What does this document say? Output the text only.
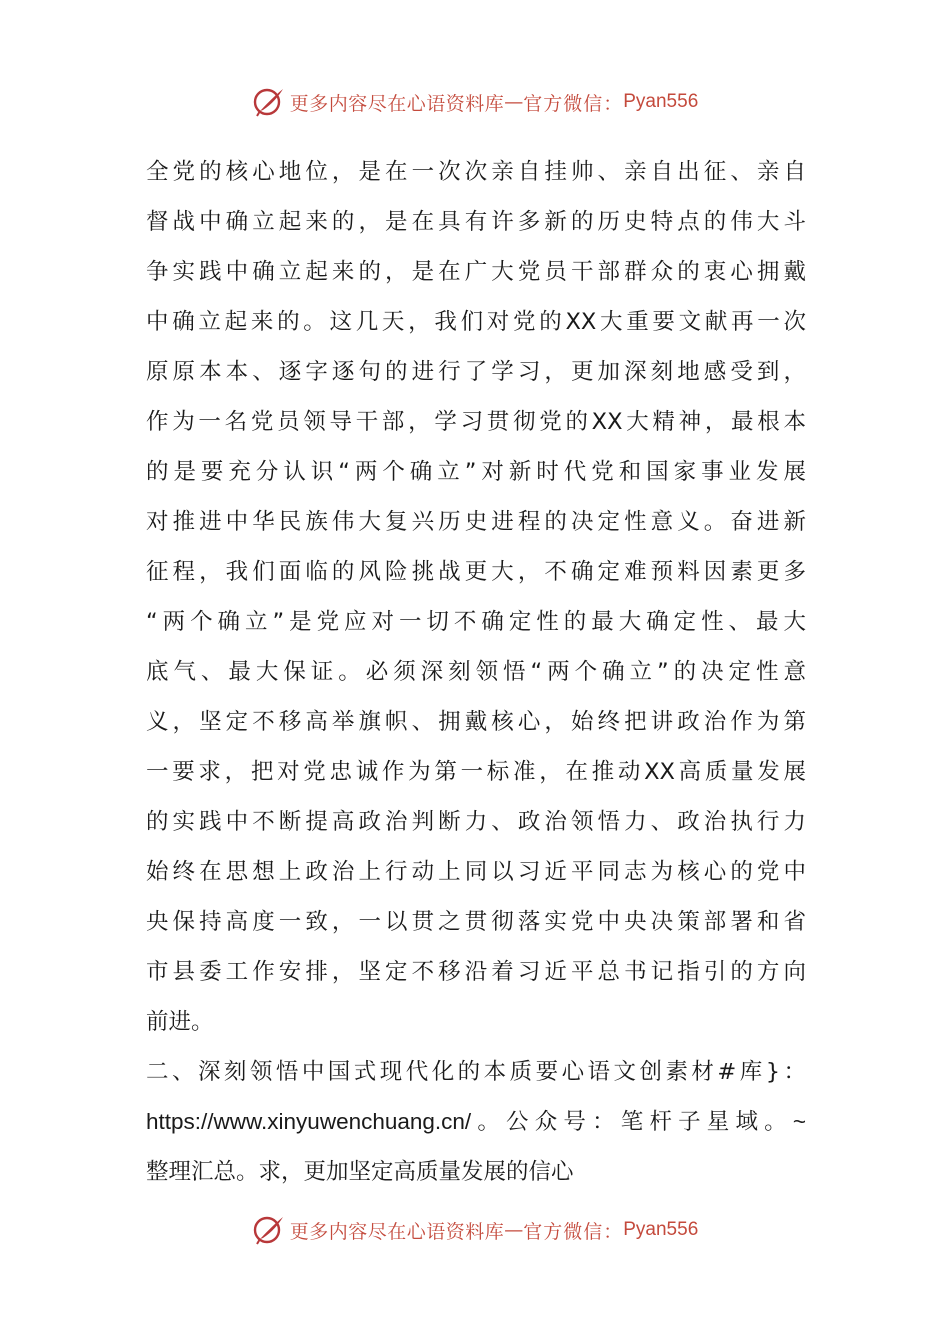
更多内容尽在心语资料库 — 官方微信： Pyan556
全党的核心地位，是在一次次亲自挂帅、亲自出征、亲自
督战中确立起来的，是在具有许多新的历史特点的伟大斗
争实践中确立起来的，是在广大党员干部群众的衷心拥戴
中确立起来的。这几天，我们对党的XX大重要文献再一次
原原本本、逐字逐句的进行了学习，更加深刻地感受到，
作为一名党员领导干部，学习贯彻党的XX大精神，最根本
的是要充分认识“两个确立”对新时代党和国家事业发展
对推进中华民族伟大复兴历史进程的决定性意义。奋进新
征程，我们面临的风险挑战更大，不确定难预料因素更多
“两个确立”是党应对一切不确定性的最大确定性、最大
底气、最大保证。必须深刻领悟“两个确立”的决定性意
义，坚定不移高举旗帜、拥戴核心，始终把讲政治作为第
一要求，把对党忠诚作为第一标准，在推动XX高质量发展
的实践中不断提高政治判断力、政治领悟力、政治执行力
始终在思想上政治上行动上同以习近平同志为核心的党中
央保持高度一致，一以贯之贯彻落实党中央决策部署和省
市县委工作安排，坚定不移沿着习近平总书记指引的方向
前进。
二、深刻领悟中国式现代化的本质要心语文创素材#库}：
https://www.xinyuwenchuang.cn/。公众号：笔杆子星域。~
整理汇总。求，更加坚定高质量发展的信心
更多内容尽在心语资料库 — 官方微信： Pyan556
